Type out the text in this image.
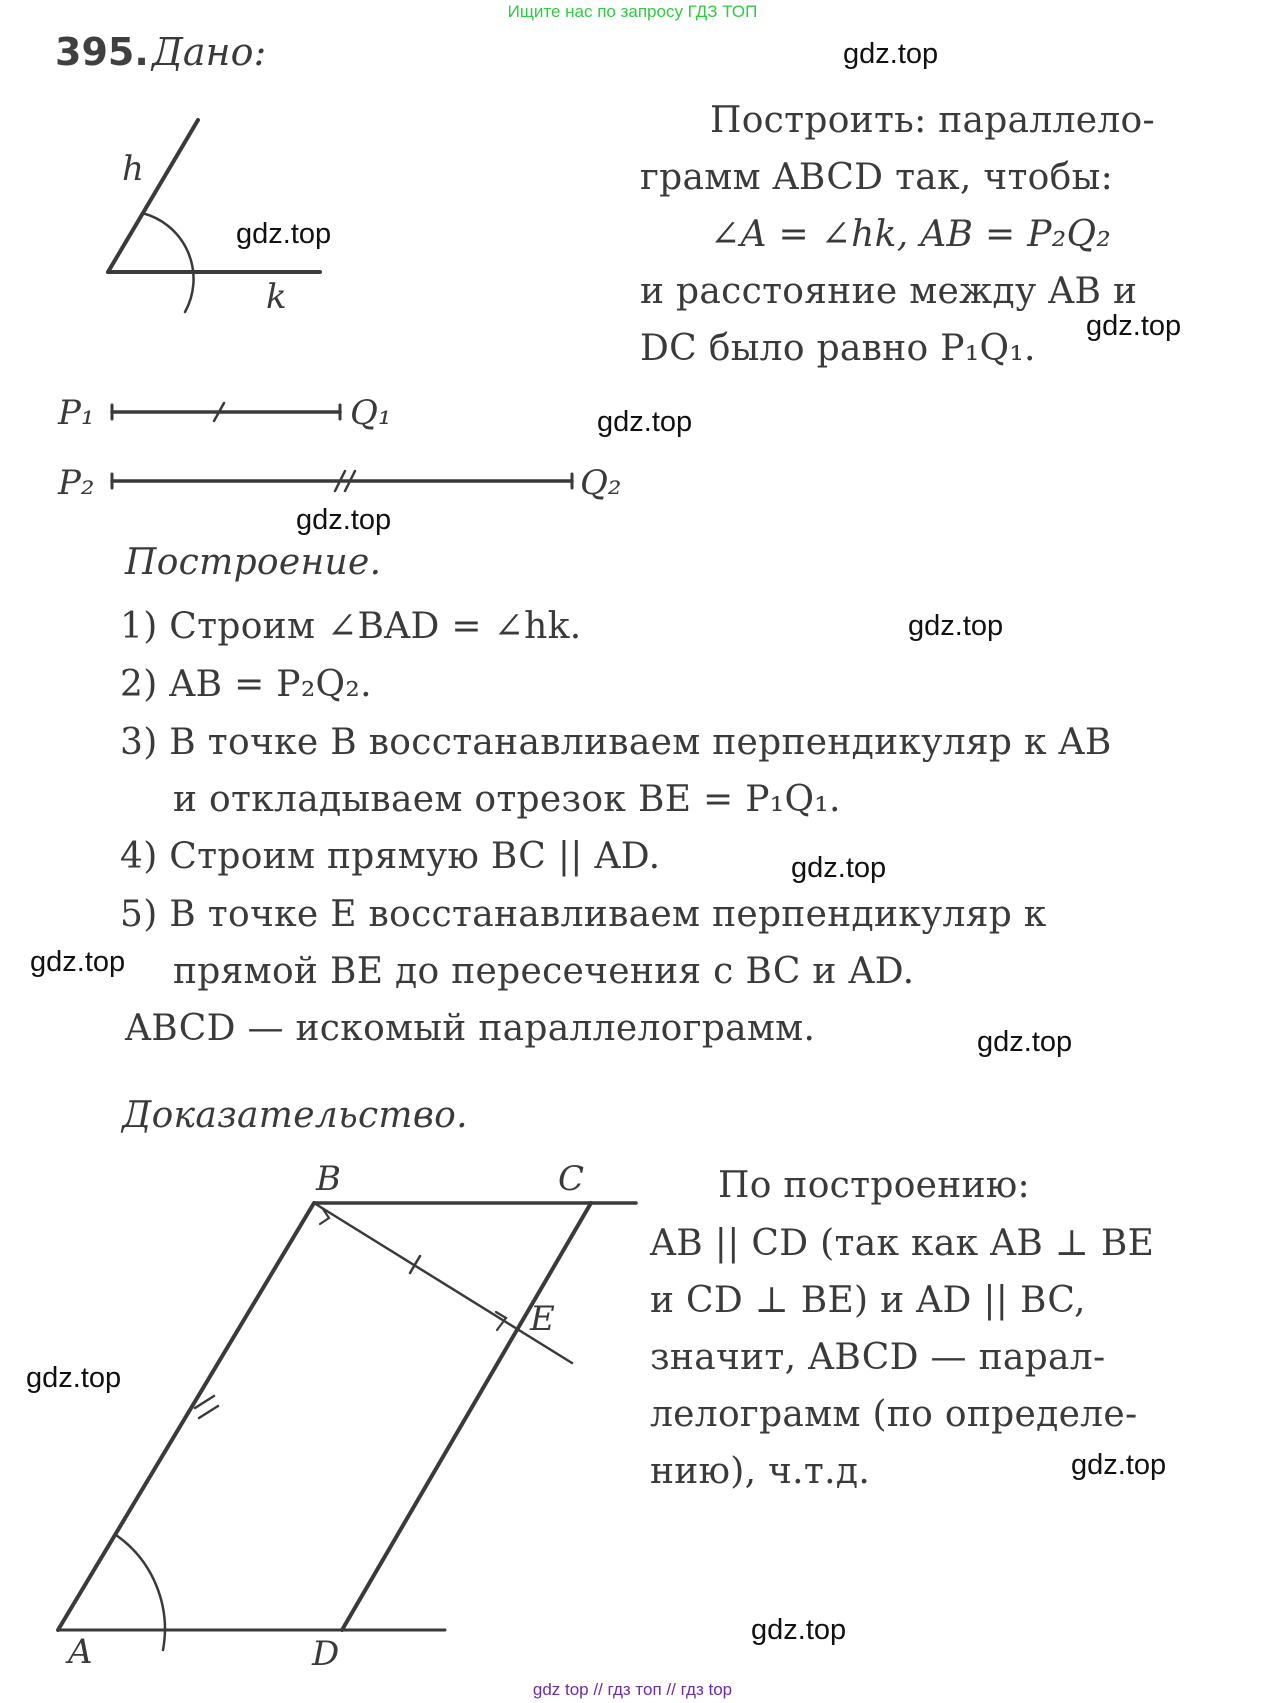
Ищите нас по запросу ГДЗ ТОП
395. Дано:
h
k
P₁	Q₁
P₂	Q₂
B	C
E
A	D
Построить: параллело-
грамм ABCD так, чтобы:
∠A = ∠hk, AB = P₂Q₂
и расстояние между AB и
DC было равно P₁Q₁.
Построение.
1) Строим ∠BAD = ∠hk.
2) AB = P₂Q₂.
3) В точке B восстанавливаем перпендикуляр к AB
и откладываем отрезок BE = P₁Q₁.
4) Строим прямую BC || AD.
5) В точке E восстанавливаем перпендикуляр к
прямой BE до пересечения с BC и AD.
ABCD — искомый параллелограмм.
Доказательство.
По построению:
AB || CD (так как AB ⊥ BE
и CD ⊥ BE) и AD || BC,
значит, ABCD — парал-
лелограмм (по определе-
нию), ч.т.д.
gdz.top
gdz.top
gdz.top
gdz.top
gdz.top
gdz.top
gdz.top
gdz.top
gdz.top
gdz.top
gdz.top
gdz.top
gdz top // гдз топ // гдз top
